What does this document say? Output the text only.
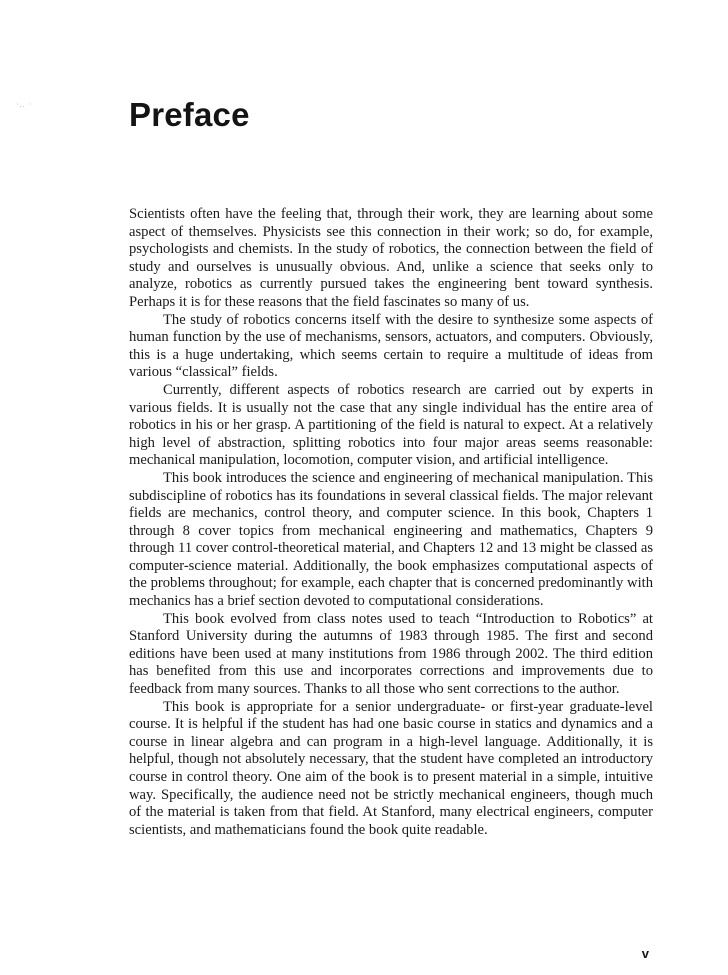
·.. ·	Preface

Scientists often have the feeling that, through their work, they are learning about some aspect of themselves. Physicists see this connection in their work; so do, for example, psychologists and chemists. In the study of robotics, the connection between the field of study and ourselves is unusually obvious. And, unlike a science that seeks only to analyze, robotics as currently pursued takes the engineering bent toward synthesis. Perhaps it is for these reasons that the field fascinates so many of us.

The study of robotics concerns itself with the desire to synthesize some aspects of human function by the use of mechanisms, sensors, actuators, and computers. Obviously, this is a huge undertaking, which seems certain to require a multitude of ideas from various “classical” fields.

Currently, different aspects of robotics research are carried out by experts in various fields. It is usually not the case that any single individual has the entire area of robotics in his or her grasp. A partitioning of the field is natural to expect. At a relatively high level of abstraction, splitting robotics into four major areas seems reasonable: mechanical manipulation, locomotion, computer vision, and artificial intelligence.

This book introduces the science and engineering of mechanical manipulation. This subdiscipline of robotics has its foundations in several classical fields. The major relevant fields are mechanics, control theory, and computer science. In this book, Chapters 1 through 8 cover topics from mechanical engineering and mathematics, Chapters 9 through 11 cover control-theoretical material, and Chapters 12 and 13 might be classed as computer-science material. Additionally, the book emphasizes computational aspects of the problems throughout; for example, each chapter that is concerned predominantly with mechanics has a brief section devoted to computational considerations.

This book evolved from class notes used to teach “Introduction to Robotics” at Stanford University during the autumns of 1983 through 1985. The first and second editions have been used at many institutions from 1986 through 2002. The third edition has benefited from this use and incorporates corrections and improvements due to feedback from many sources. Thanks to all those who sent corrections to the author.

This book is appropriate for a senior undergraduate- or first-year graduate-level course. It is helpful if the student has had one basic course in statics and dynamics and a course in linear algebra and can program in a high-level language. Additionally, it is helpful, though not absolutely necessary, that the student have completed an introductory course in control theory. One aim of the book is to present material in a simple, intuitive way. Specifically, the audience need not be strictly mechanical engineers, though much of the material is taken from that field. At Stanford, many electrical engineers, computer scientists, and mathematicians found the book quite readable.

v
